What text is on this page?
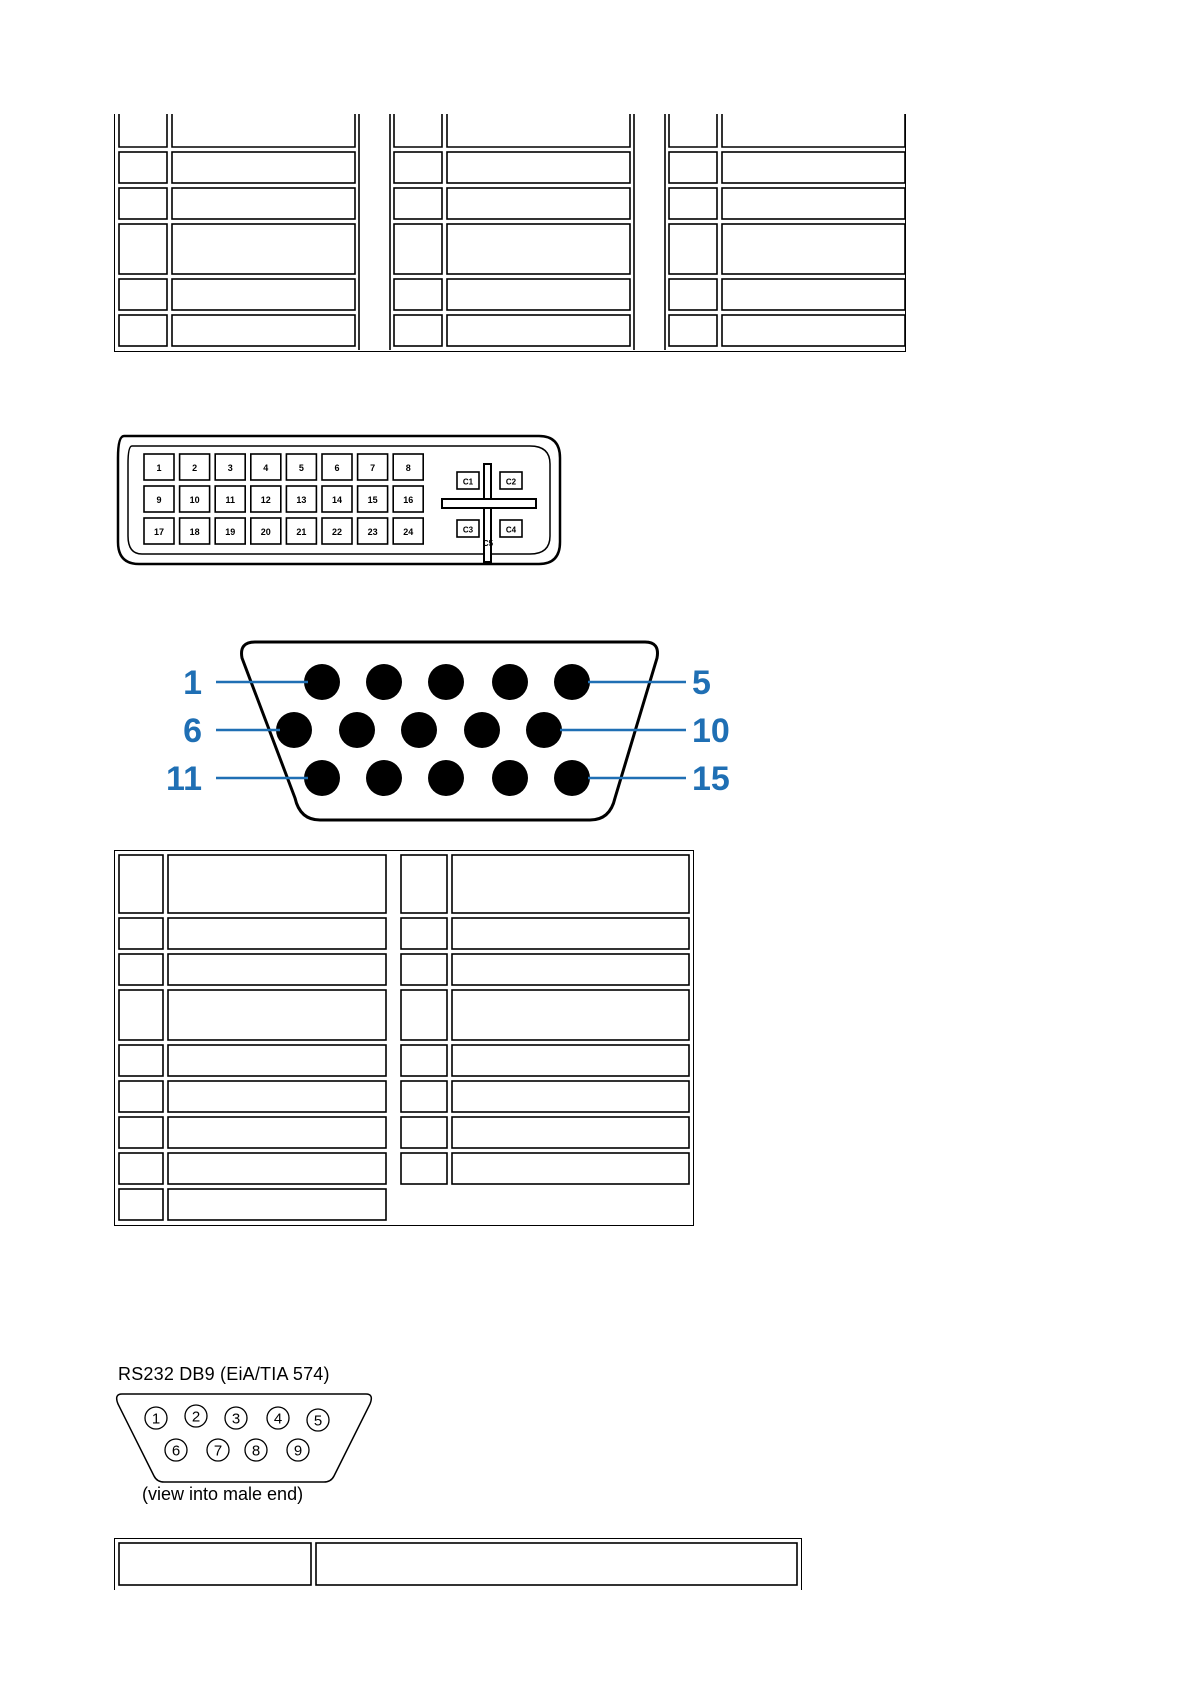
1	2	3	4	5	6	7	8
9	10	11	12	13	14	15	16
17	18	19	20	21	22	23	24
C1	C2
C3	C4
C5
1	5
6	10
11	15
RS232 DB9 (EiA/TIA 574)
1 2 3 4 5
6 7 8 9
(view into male end)
